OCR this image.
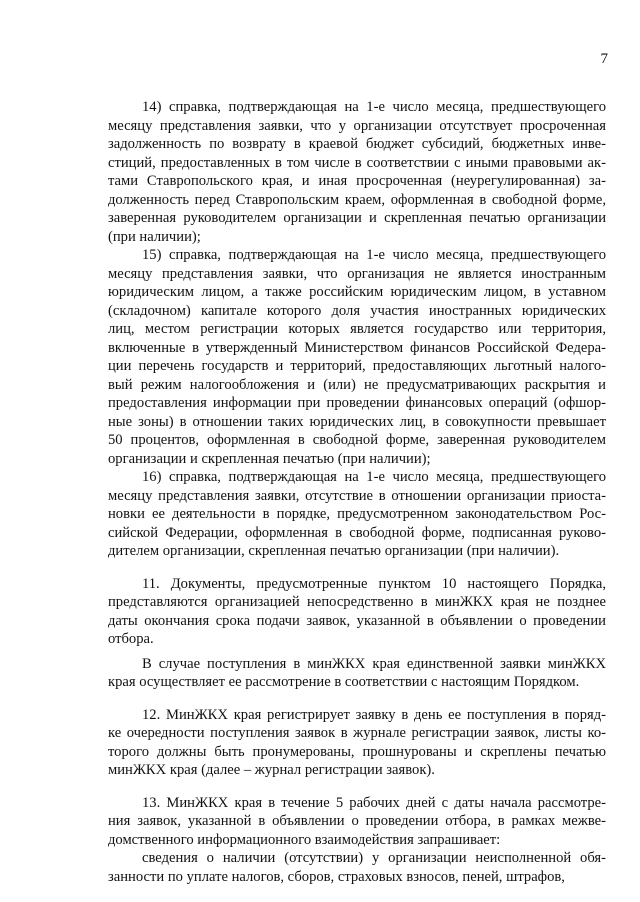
7
14) справка, подтверждающая на 1-е число месяца, предшествующего
месяцу представления заявки, что у организации отсутствует просроченная
задолженность по возврату в краевой бюджет субсидий, бюджетных инве-
стиций, предоставленных в том числе в соответствии с иными правовыми ак-
тами Ставропольского края, и иная просроченная (неурегулированная) за-
долженность перед Ставропольским краем, оформленная в свободной форме,
заверенная руководителем организации и скрепленная печатью организации
(при наличии);
15) справка, подтверждающая на 1-е число месяца, предшествующего
месяцу представления заявки, что организация не является иностранным
юридическим лицом, а также российским юридическим лицом, в уставном
(складочном) капитале которого доля участия иностранных юридических
лиц, местом регистрации которых является государство или территория,
включенные в утвержденный Министерством финансов Российской Федера-
ции перечень государств и территорий, предоставляющих льготный налого-
вый режим налогообложения и (или) не предусматривающих раскрытия и
предоставления информации при проведении финансовых операций (офшор-
ные зоны) в отношении таких юридических лиц, в совокупности превышает
50 процентов, оформленная в свободной форме, заверенная руководителем
организации и скрепленная печатью (при наличии);
16) справка, подтверждающая на 1-е число месяца, предшествующего
месяцу представления заявки, отсутствие в отношении организации приоста-
новки ее деятельности в порядке, предусмотренном законодательством Рос-
сийской Федерации, оформленная в свободной форме, подписанная руково-
дителем организации, скрепленная печатью организации (при наличии).
11. Документы, предусмотренные пунктом 10 настоящего Порядка,
представляются организацией непосредственно в минЖКХ края не позднее
даты окончания срока подачи заявок, указанной в объявлении о проведении
отбора.
В случае поступления в минЖКХ края единственной заявки минЖКХ
края осуществляет ее рассмотрение в соответствии с настоящим Порядком.
12. МинЖКХ края регистрирует заявку в день ее поступления в поряд-
ке очередности поступления заявок в журнале регистрации заявок, листы ко-
торого должны быть пронумерованы, прошнурованы и скреплены печатью
минЖКХ края (далее – журнал регистрации заявок).
13. МинЖКХ края в течение 5 рабочих дней с даты начала рассмотре-
ния заявок, указанной в объявлении о проведении отбора, в рамках межве-
домственного информационного взаимодействия запрашивает:
сведения о наличии (отсутствии) у организации неисполненной обя-
занности по уплате налогов, сборов, страховых взносов, пеней, штрафов,
